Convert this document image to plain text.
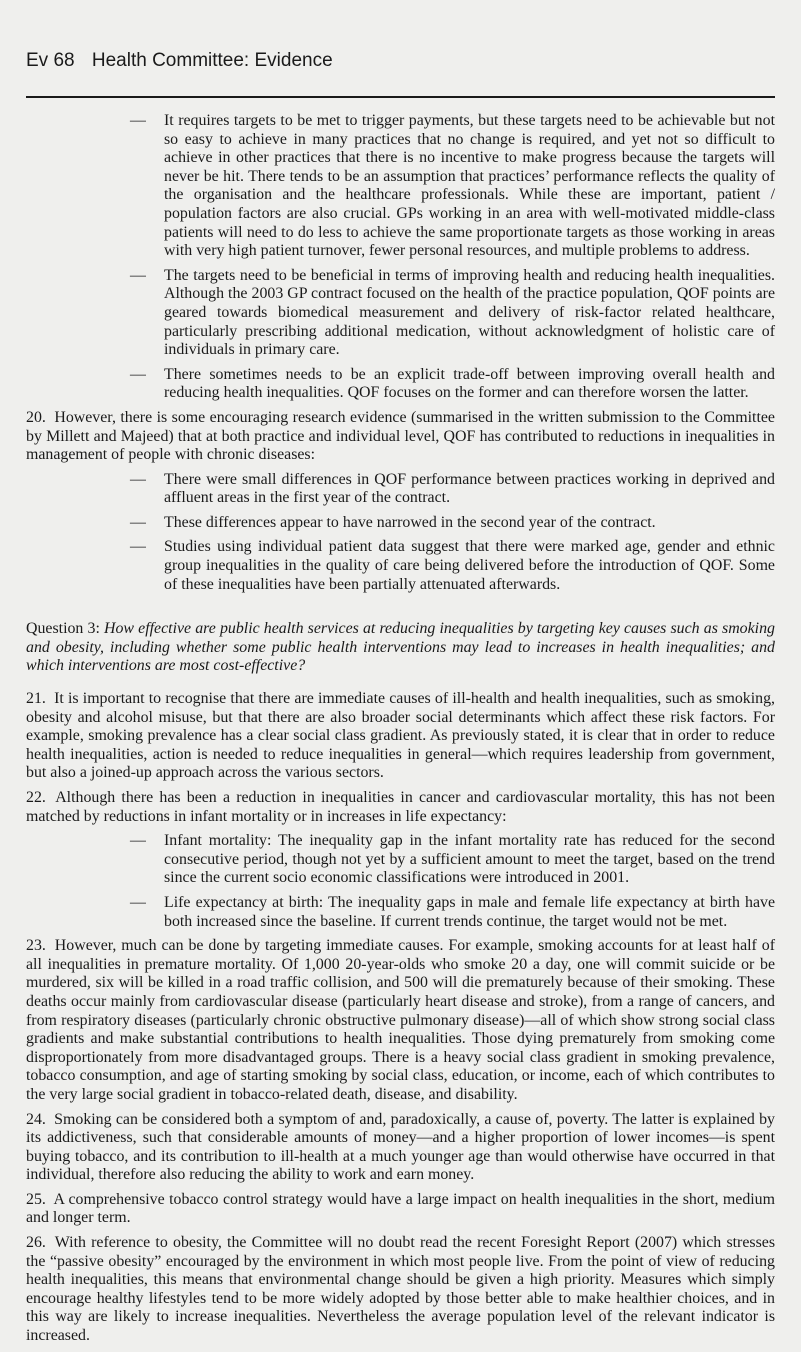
Ev 68 Health Committee: Evidence
— It requires targets to be met to trigger payments, but these targets need to be achievable but not so easy to achieve in many practices that no change is required, and yet not so difficult to achieve in other practices that there is no incentive to make progress because the targets will never be hit. There tends to be an assumption that practices’ performance reflects the quality of the organisation and the healthcare professionals. While these are important, patient / population factors are also crucial. GPs working in an area with well-motivated middle-class patients will need to do less to achieve the same proportionate targets as those working in areas with very high patient turnover, fewer personal resources, and multiple problems to address.
— The targets need to be beneficial in terms of improving health and reducing health inequalities. Although the 2003 GP contract focused on the health of the practice population, QOF points are geared towards biomedical measurement and delivery of risk-factor related healthcare, particularly prescribing additional medication, without acknowledgment of holistic care of individuals in primary care.
— There sometimes needs to be an explicit trade-off between improving overall health and reducing health inequalities. QOF focuses on the former and can therefore worsen the latter.

20. However, there is some encouraging research evidence (summarised in the written submission to the Committee by Millett and Majeed) that at both practice and individual level, QOF has contributed to reductions in inequalities in management of people with chronic diseases:

— There were small differences in QOF performance between practices working in deprived and affluent areas in the first year of the contract.
— These differences appear to have narrowed in the second year of the contract.
— Studies using individual patient data suggest that there were marked age, gender and ethnic group inequalities in the quality of care being delivered before the introduction of QOF. Some of these inequalities have been partially attenuated afterwards.

Question 3: How effective are public health services at reducing inequalities by targeting key causes such as smoking and obesity, including whether some public health interventions may lead to increases in health inequalities; and which interventions are most cost-effective?

21. It is important to recognise that there are immediate causes of ill-health and health inequalities, such as smoking, obesity and alcohol misuse, but that there are also broader social determinants which affect these risk factors. For example, smoking prevalence has a clear social class gradient. As previously stated, it is clear that in order to reduce health inequalities, action is needed to reduce inequalities in general—which requires leadership from government, but also a joined-up approach across the various sectors.

22. Although there has been a reduction in inequalities in cancer and cardiovascular mortality, this has not been matched by reductions in infant mortality or in increases in life expectancy:

— Infant mortality: The inequality gap in the infant mortality rate has reduced for the second consecutive period, though not yet by a sufficient amount to meet the target, based on the trend since the current socio economic classifications were introduced in 2001.
— Life expectancy at birth: The inequality gaps in male and female life expectancy at birth have both increased since the baseline. If current trends continue, the target would not be met.

23. However, much can be done by targeting immediate causes. For example, smoking accounts for at least half of all inequalities in premature mortality. Of 1,000 20-year-olds who smoke 20 a day, one will commit suicide or be murdered, six will be killed in a road traffic collision, and 500 will die prematurely because of their smoking. These deaths occur mainly from cardiovascular disease (particularly heart disease and stroke), from a range of cancers, and from respiratory diseases (particularly chronic obstructive pulmonary disease)—all of which show strong social class gradients and make substantial contributions to health inequalities. Those dying prematurely from smoking come disproportionately from more disadvantaged groups. There is a heavy social class gradient in smoking prevalence, tobacco consumption, and age of starting smoking by social class, education, or income, each of which contributes to the very large social gradient in tobacco-related death, disease, and disability.

24. Smoking can be considered both a symptom of and, paradoxically, a cause of, poverty. The latter is explained by its addictiveness, such that considerable amounts of money—and a higher proportion of lower incomes—is spent buying tobacco, and its contribution to ill-health at a much younger age than would otherwise have occurred in that individual, therefore also reducing the ability to work and earn money.

25. A comprehensive tobacco control strategy would have a large impact on health inequalities in the short, medium and longer term.

26. With reference to obesity, the Committee will no doubt read the recent Foresight Report (2007) which stresses the “passive obesity” encouraged by the environment in which most people live. From the point of view of reducing health inequalities, this means that environmental change should be given a high priority. Measures which simply encourage healthy lifestyles tend to be more widely adopted by those better able to make healthier choices, and in this way are likely to increase inequalities. Nevertheless the average population level of the relevant indicator is increased.
